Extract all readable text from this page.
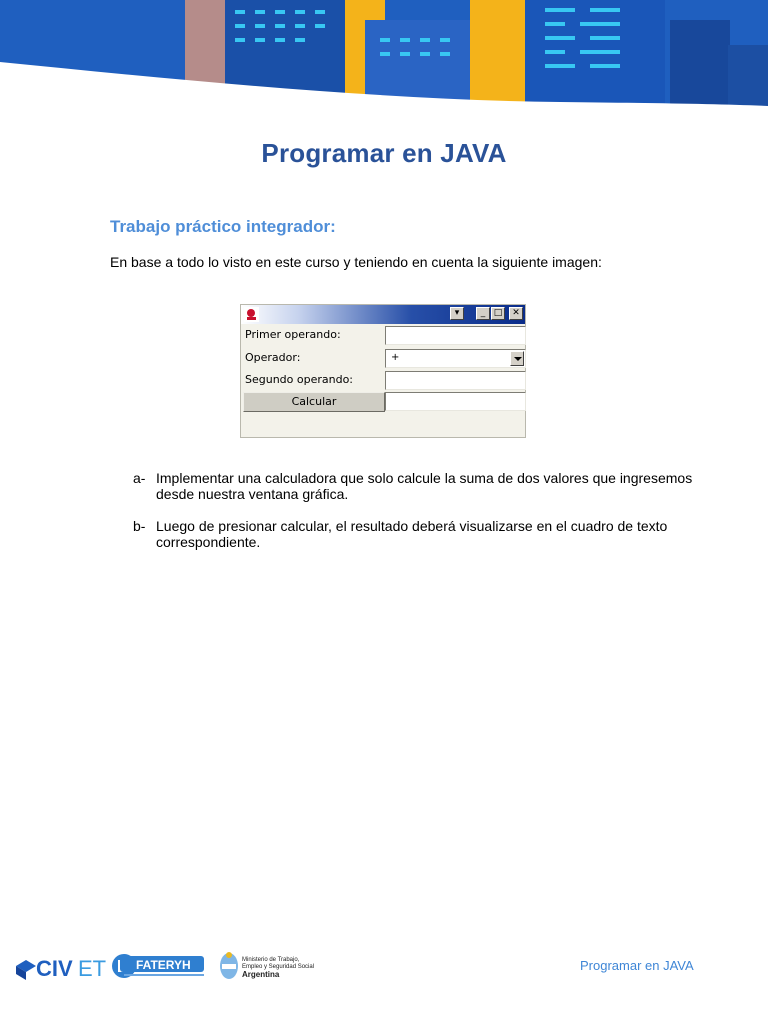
Programar en JAVA
Trabajo práctico integrador:
En base a todo lo visto en este curso y teniendo en cuenta la siguiente imagen:
▾	_ □	✕
Primer operando:
Operador:	+
Segundo operando:
Calcular
a- Implementar una calculadora que solo calcule la suma de dos valores que ingresemos desde nuestra ventana gráfica.
b- Luego de presionar calcular, el resultado deberá visualizarse en el cuadro de texto correspondiente.
CIV ET FATERYH	Ministerio de Trabajo,
Empleo y Seguridad Social
Argentina
Programar en JAVA
